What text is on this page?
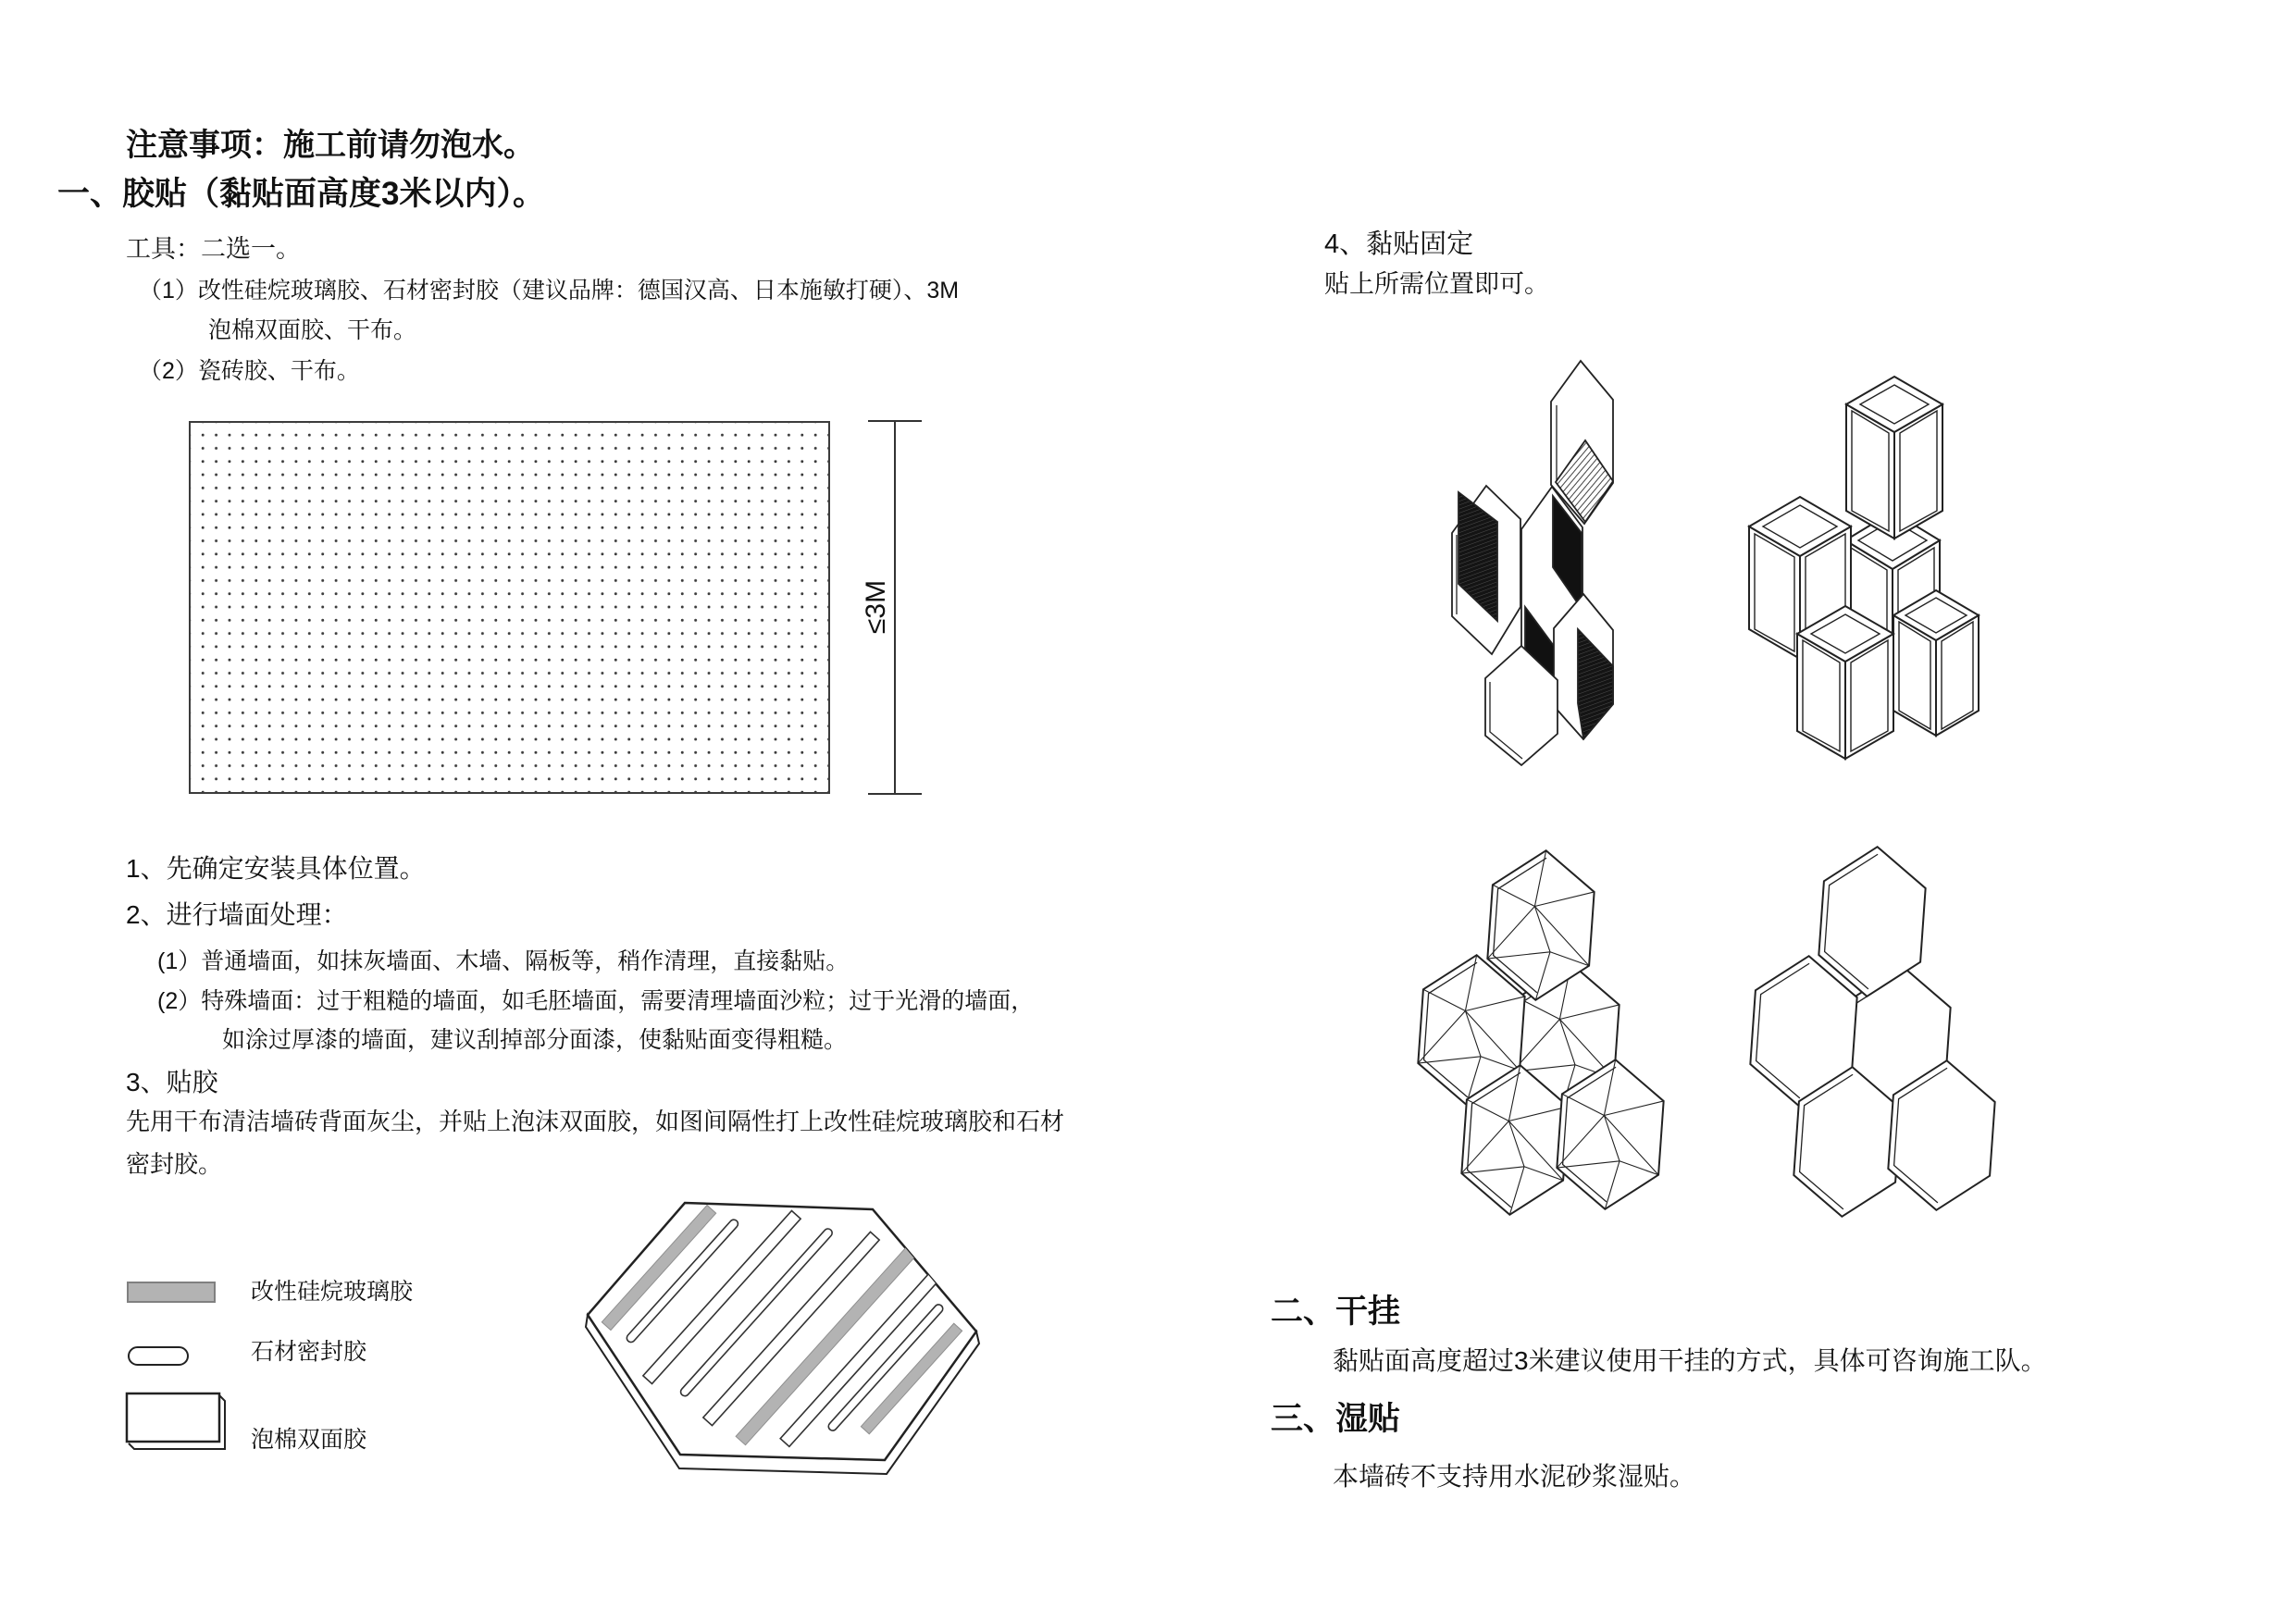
注意事项：施工前请勿泡水。
一、胶贴（黏贴面高度3米以内）。
工具：二选一。
（1）改性硅烷玻璃胶、石材密封胶（建议品牌：德国汉高、日本施敏打硬）、3M
泡棉双面胶、干布。
（2）瓷砖胶、干布。
≤3M
1、先确定安装具体位置。
2、进行墙面处理：
(1）普通墙面，如抹灰墙面、木墙、隔板等，稍作清理，直接黏贴。
(2）特殊墙面：过于粗糙的墙面，如毛胚墙面，需要清理墙面沙粒；过于光滑的墙面，
如涂过厚漆的墙面，建议刮掉部分面漆，使黏贴面变得粗糙。
3、贴胶
先用干布清洁墙砖背面灰尘，并贴上泡沫双面胶，如图间隔性打上改性硅烷玻璃胶和石材
密封胶。
改性硅烷玻璃胶
石材密封胶
泡棉双面胶
4、黏贴固定
贴上所需位置即可。
二、干挂
黏贴面高度超过3米建议使用干挂的方式，具体可咨询施工队。
三、湿贴
本墙砖不支持用水泥砂浆湿贴。
